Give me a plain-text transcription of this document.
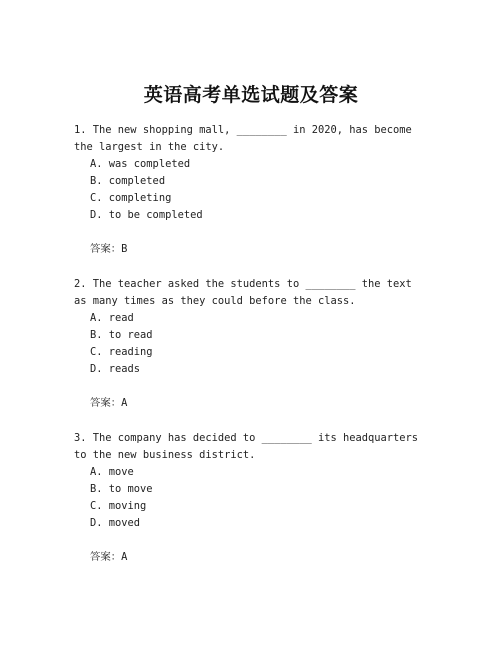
英语高考单选试题及答案

1. The new shopping mall, ________ in 2020, has become the largest in the city.

A. was completed
B. completed
C. completing
D. to be completed
答案：B

2. The teacher asked the students to ________ the text as many times as they could before the class.

A. read
B. to read
C. reading
D. reads
答案：A

3. The company has decided to ________ its headquarters to the new business district.

A. move
B. to move
C. moving
D. moved
答案：A
